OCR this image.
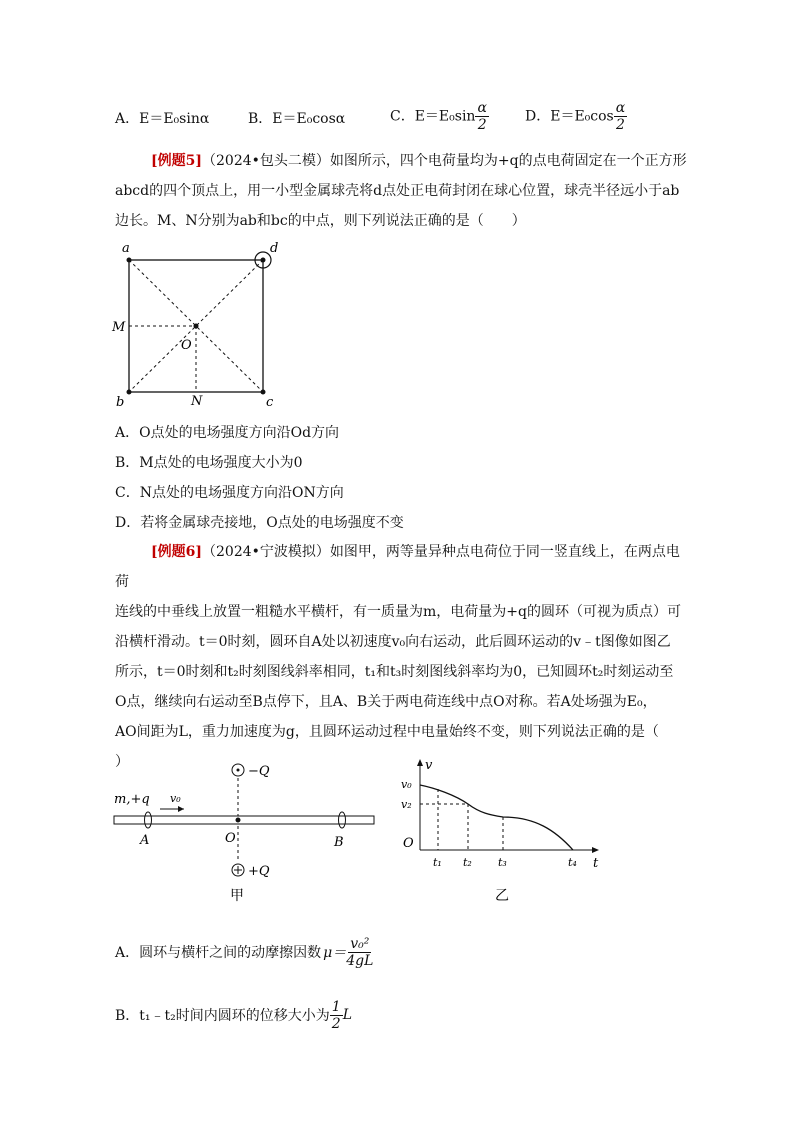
A．E＝E₀sinα	B．E＝E₀cosα	C．$E=E_0\sin \frac{\alpha}{2}$	D．$E=E_0\cos \frac{\alpha}{2}$
[例题5]（2024•包头二模）如图所示，四个电荷量均为+q的点电荷固定在一个正方形
abcd的四个顶点上，用一小型金属球壳将d点处正电荷封闭在球心位置，球壳半径远小于ab
边长。M、N分别为ab和bc的中点，则下列说法正确的是（　　）
a	d
b	c
M
N
O
A．O点处的电场强度方向沿Od方向
B．M点处的电场强度大小为0
C．N点处的电场强度方向沿ON方向
D．若将金属球壳接地，O点处的电场强度不变
[例题6]（2024•宁波模拟）如图甲，两等量异种点电荷位于同一竖直线上，在两点电荷
连线的中垂线上放置一粗糙水平横杆，有一质量为m，电荷量为+q的圆环（可视为质点）可
沿横杆滑动。t＝0时刻，圆环自A处以初速度v₀向右运动，此后圆环运动的v﹣t图像如图乙
所示，t＝0时刻和t₂时刻图线斜率相同，t₁和t₃时刻图线斜率均为0，已知圆环t₂时刻运动至
O点，继续向右运动至B点停下，且A、B关于两电荷连线中点O对称。若A处场强为E₀，
AO间距为L，重力加速度为g，且圆环运动过程中电量始终不变，则下列说法正确的是（
）
−Q
+Q
m,+q v₀
A	O	B
甲
v
t
v₀
v₂
O
t₁ t₂ t₃	t₄
乙
A．圆环与横杆之间的动摩擦因数 $\mu= \frac{\text{v₀²}}{4gL}$
B．t₁﹣t₂时间内圆环的位移大小为 $\frac{1}{2}$ L
